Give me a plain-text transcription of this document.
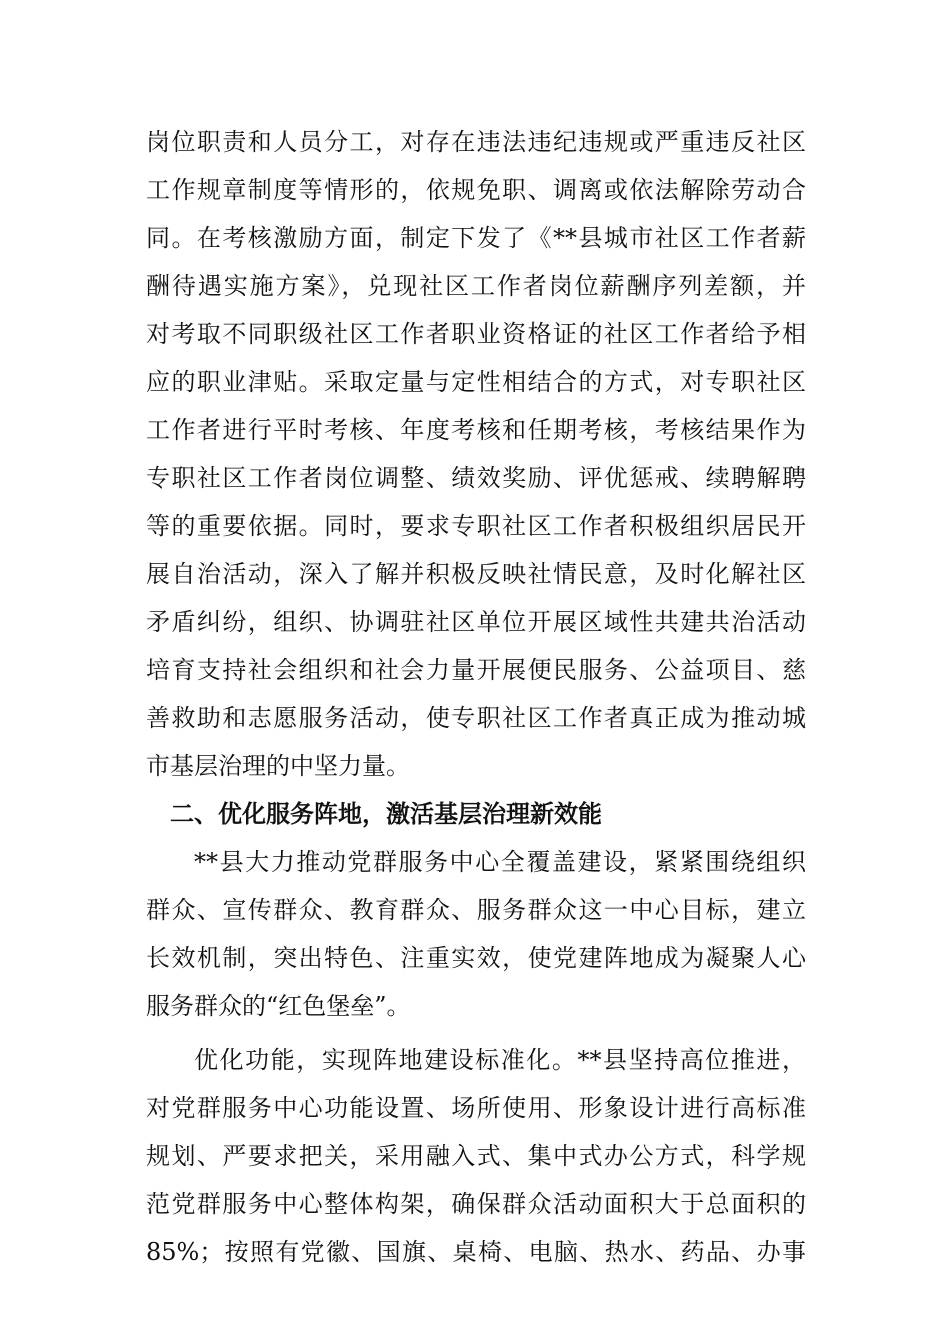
岗位职责和人员分工，对存在违法违纪违规或严重违反社区
工作规章制度等情形的，依规免职、调离或依法解除劳动合
同。在考核激励方面，制定下发了《**县城市社区工作者薪
酬待遇实施方案》，兑现社区工作者岗位薪酬序列差额，并
对考取不同职级社区工作者职业资格证的社区工作者给予相
应的职业津贴。采取定量与定性相结合的方式，对专职社区
工作者进行平时考核、年度考核和任期考核，考核结果作为
专职社区工作者岗位调整、绩效奖励、评优惩戒、续聘解聘
等的重要依据。同时，要求专职社区工作者积极组织居民开
展自治活动，深入了解并积极反映社情民意，及时化解社区
矛盾纠纷，组织、协调驻社区单位开展区域性共建共治活动
培育支持社会组织和社会力量开展便民服务、公益项目、慈
善救助和志愿服务活动，使专职社区工作者真正成为推动城
市基层治理的中坚力量。
二、优化服务阵地，激活基层治理新效能
**县大力推动党群服务中心全覆盖建设，紧紧围绕组织
群众、宣传群众、教育群众、服务群众这一中心目标，建立
长效机制，突出特色、注重实效，使党建阵地成为凝聚人心
服务群众的“红色堡垒”。
优化功能，实现阵地建设标准化。**县坚持高位推进，
对党群服务中心功能设置、场所使用、形象设计进行高标准
规划、严要求把关，采用融入式、集中式办公方式，科学规
范党群服务中心整体构架，确保群众活动面积大于总面积的
85%；按照有党徽、国旗、桌椅、电脑、热水、药品、办事
